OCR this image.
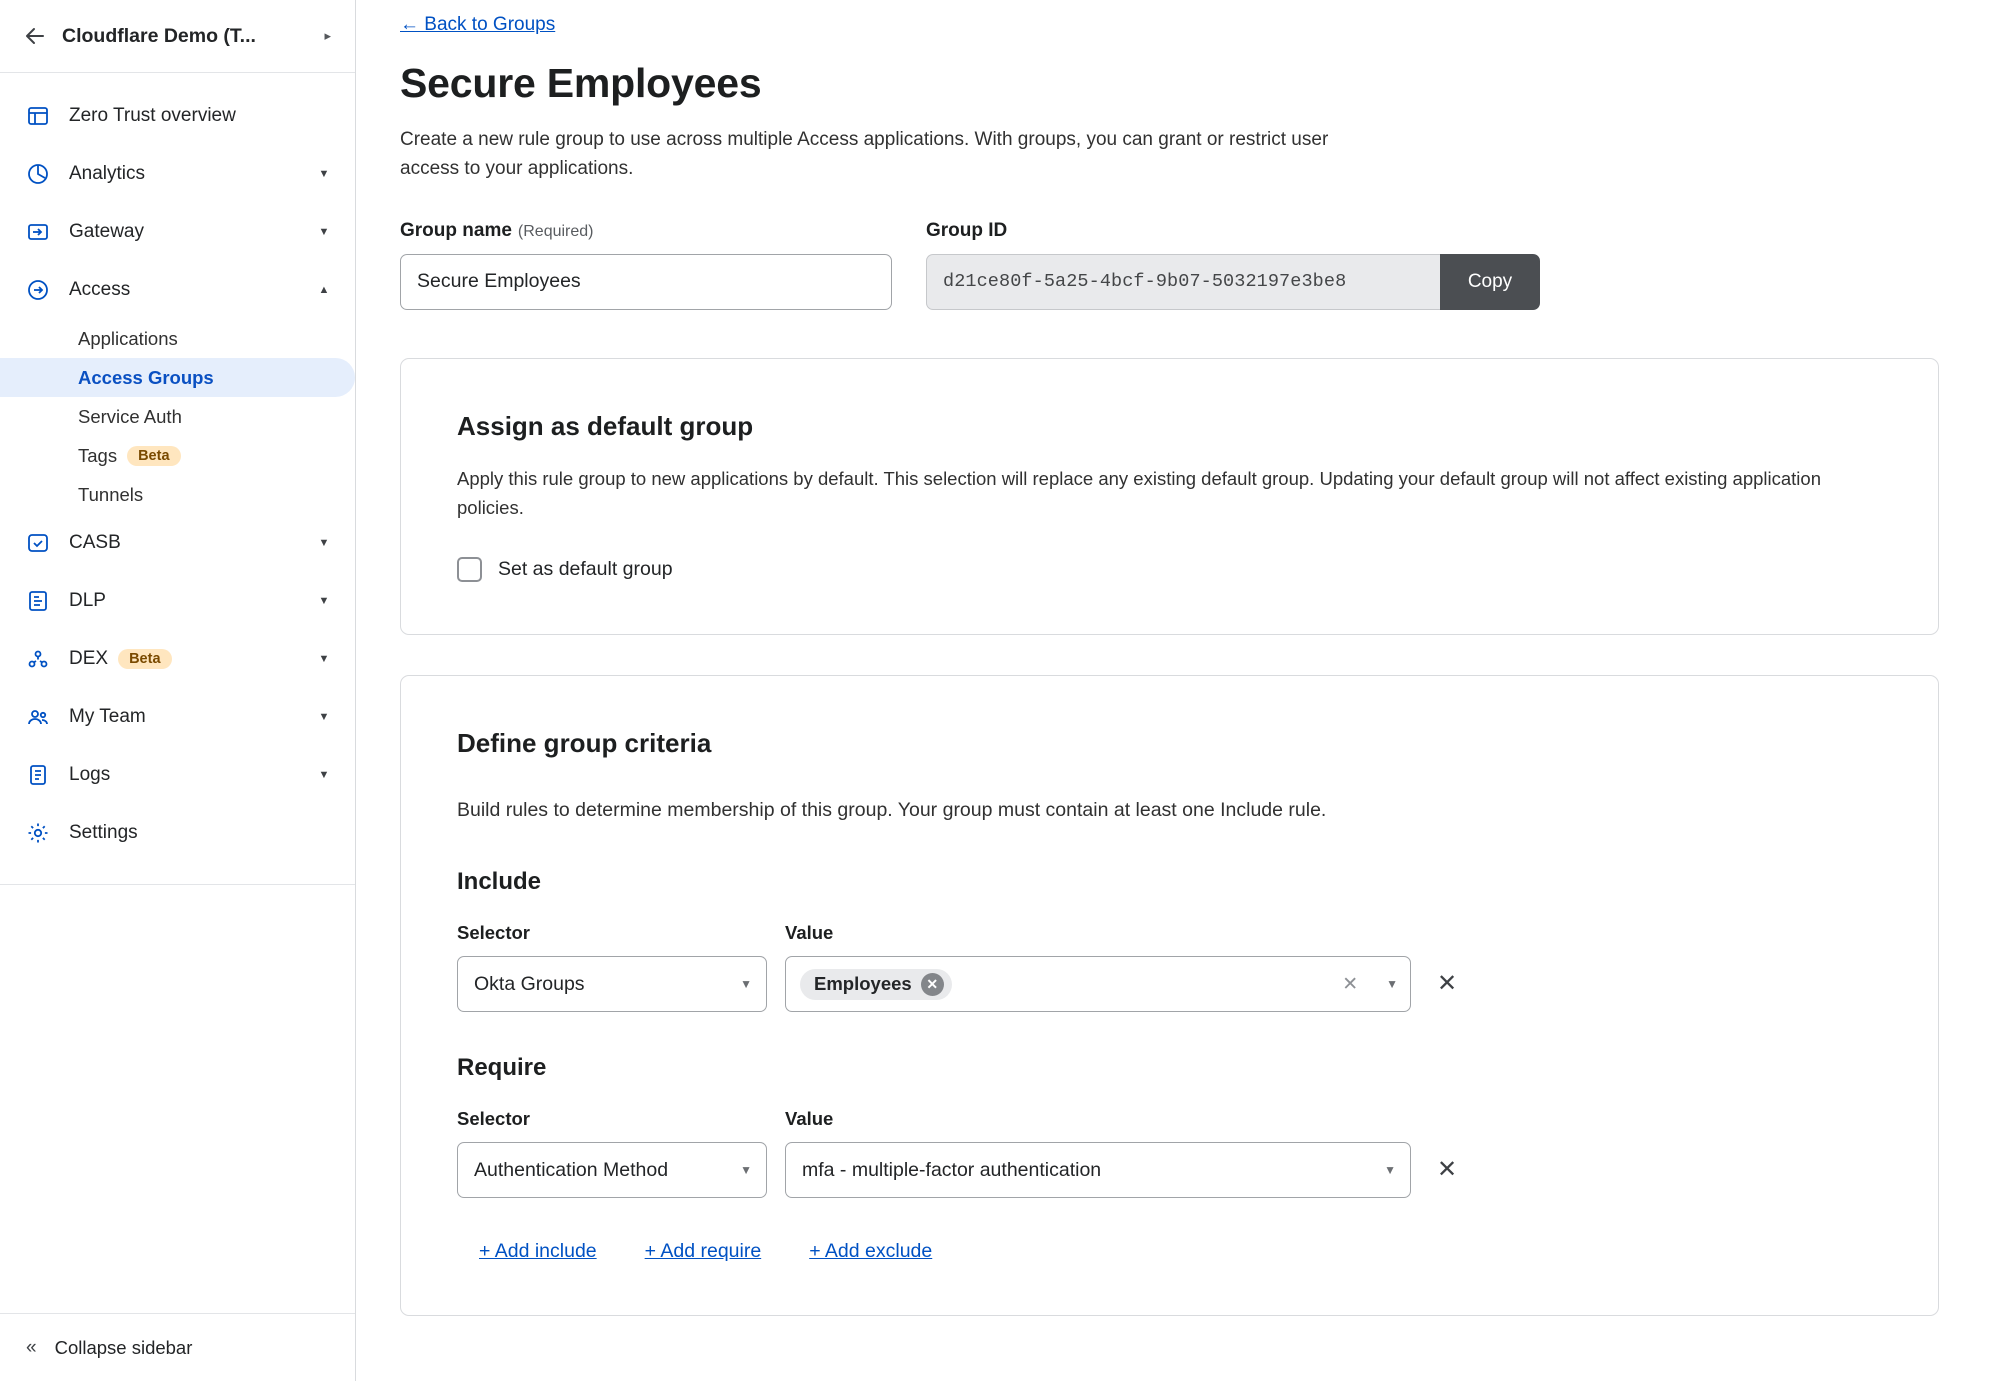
Cloudflare Demo (T...	▸
Zero Trust overview
Analytics	▼
Gateway	▼
Access	▲
Applications
Access Groups
Service Auth
Tags	Beta
Tunnels
CASB	▼
DLP	▼
DEX Beta	▼
My Team	▼
Logs	▼
Settings
« Collapse sidebar
← Back to Groups
Secure Employees

Create a new rule group to use across multiple Access applications. With groups, you can grant or restrict user access to your applications.

Group name (Required)
Secure Employees	Group ID
d21ce80f-5a25-4bcf-9b07-5032197e3be8	Copy
Assign as default group

Apply this rule group to new applications by default. This selection will replace any existing default group. Updating your default group will not affect existing application policies.

Set as default group
Define group criteria

Build rules to determine membership of this group. Your group must contain at least one Include rule.

Include
Selector
Okta Groups	▼
Value
Employees	✕	✕	▼	✕
Require
Selector
Authentication Method	▼
Value
mfa - multiple-factor authentication	▼	✕
+ Add include + Add require + Add exclude
